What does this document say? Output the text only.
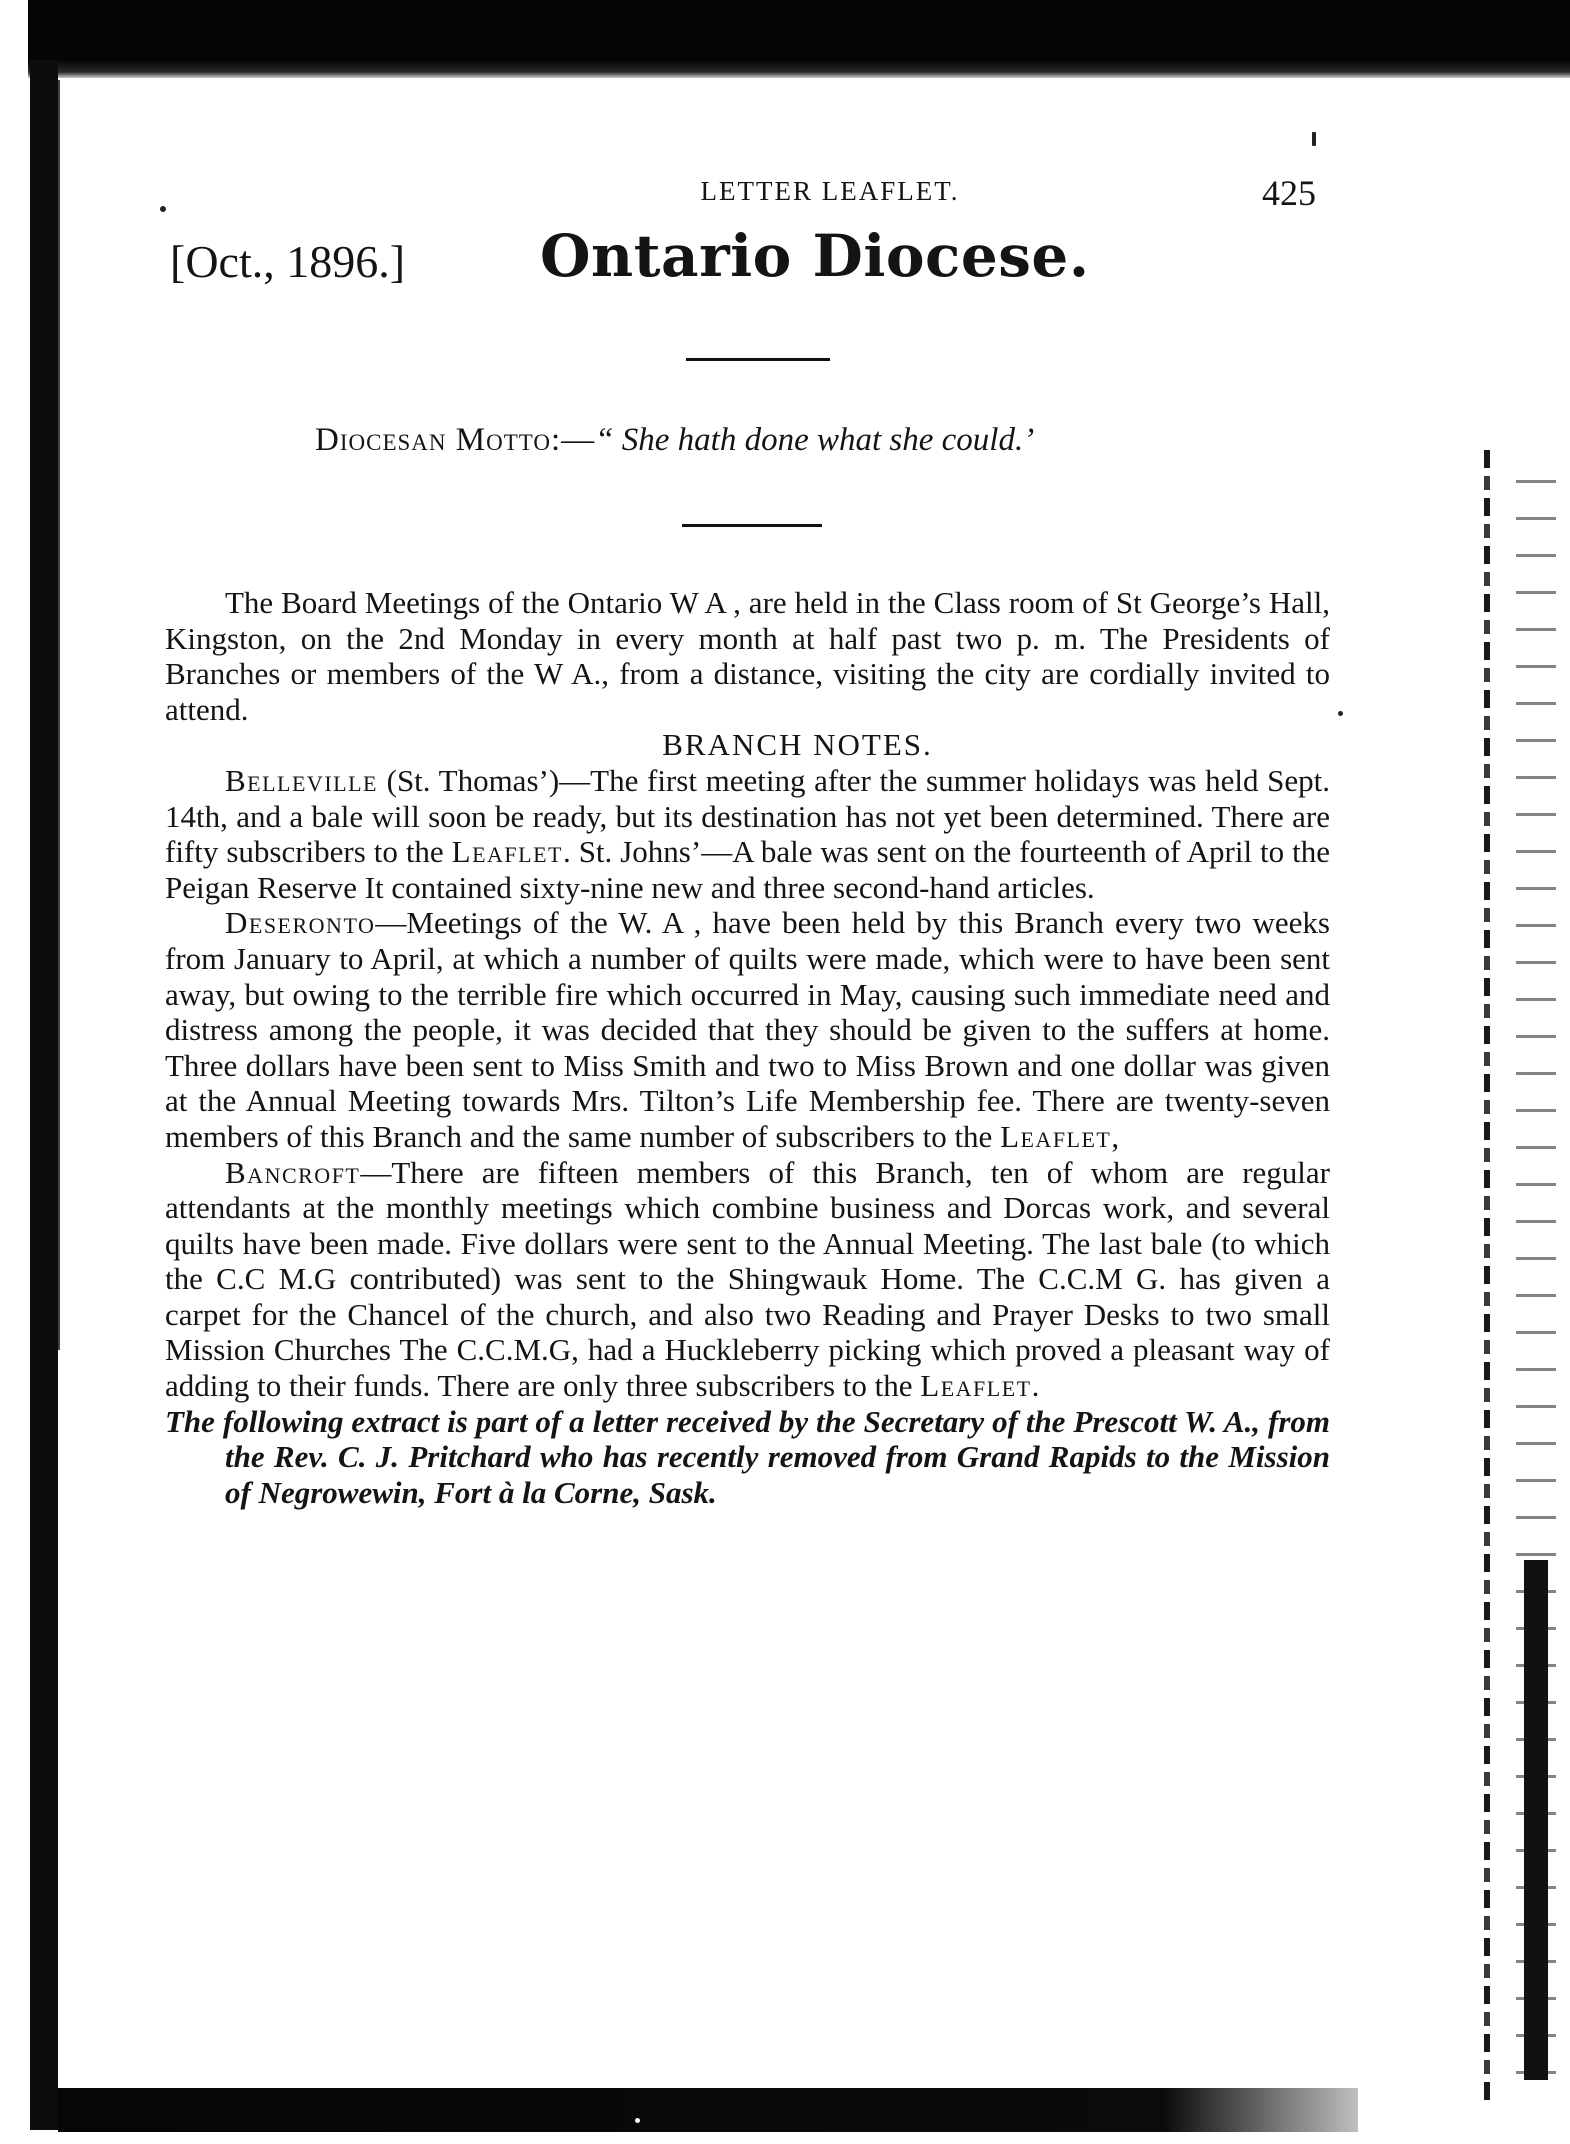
LETTER LEAFLET.	425
[Oct., 1896.] Ontario Diocese.
Diocesan Motto:—“ She hath done what she could.’

The Board Meetings of the Ontario W A , are held in the Class room of St George’s Hall, Kingston, on the 2nd Monday in every month at half past two p. m. The Presidents of Branches or members of the W A., from a distance, visiting the city are cordially invited to attend.

BRANCH NOTES.

Belleville (St. Thomas’)—The first meeting after the summer holidays was held Sept. 14th, and a bale will soon be ready, but its destination has not yet been determined. There are fifty subscribers to the Leaflet. St. Johns’—A bale was sent on the fourteenth of April to the Peigan Reserve It contained sixty-nine new and three second-hand articles.

Deseronto—Meetings of the W. A , have been held by this Branch every two weeks from January to April, at which a number of quilts were made, which were to have been sent away, but owing to the terrible fire which occurred in May, causing such immediate need and distress among the people, it was decided that they should be given to the suffers at home. Three dollars have been sent to Miss Smith and two to Miss Brown and one dollar was given at the Annual Meeting towards Mrs. Tilton’s Life Membership fee. There are twenty-seven members of this Branch and the same number of subscribers to the Leaflet,

Bancroft—There are fifteen members of this Branch, ten of whom are regular attendants at the monthly meetings which combine business and Dorcas work, and several quilts have been made. Five dollars were sent to the Annual Meeting. The last bale (to which the C.C M.G contributed) was sent to the Shingwauk Home. The C.C.M G. has given a carpet for the Chancel of the church, and also two Reading and Prayer Desks to two small Mission Churches The C.C.M.G, had a Huckleberry picking which proved a pleasant way of adding to their funds. There are only three subscribers to the Leaflet.

The following extract is part of a letter received by the Secretary of the Prescott W. A., from the Rev. C. J. Pritchard who has recently removed from Grand Rapids to the Mission of Negrowewin, Fort à la Corne, Sask.
